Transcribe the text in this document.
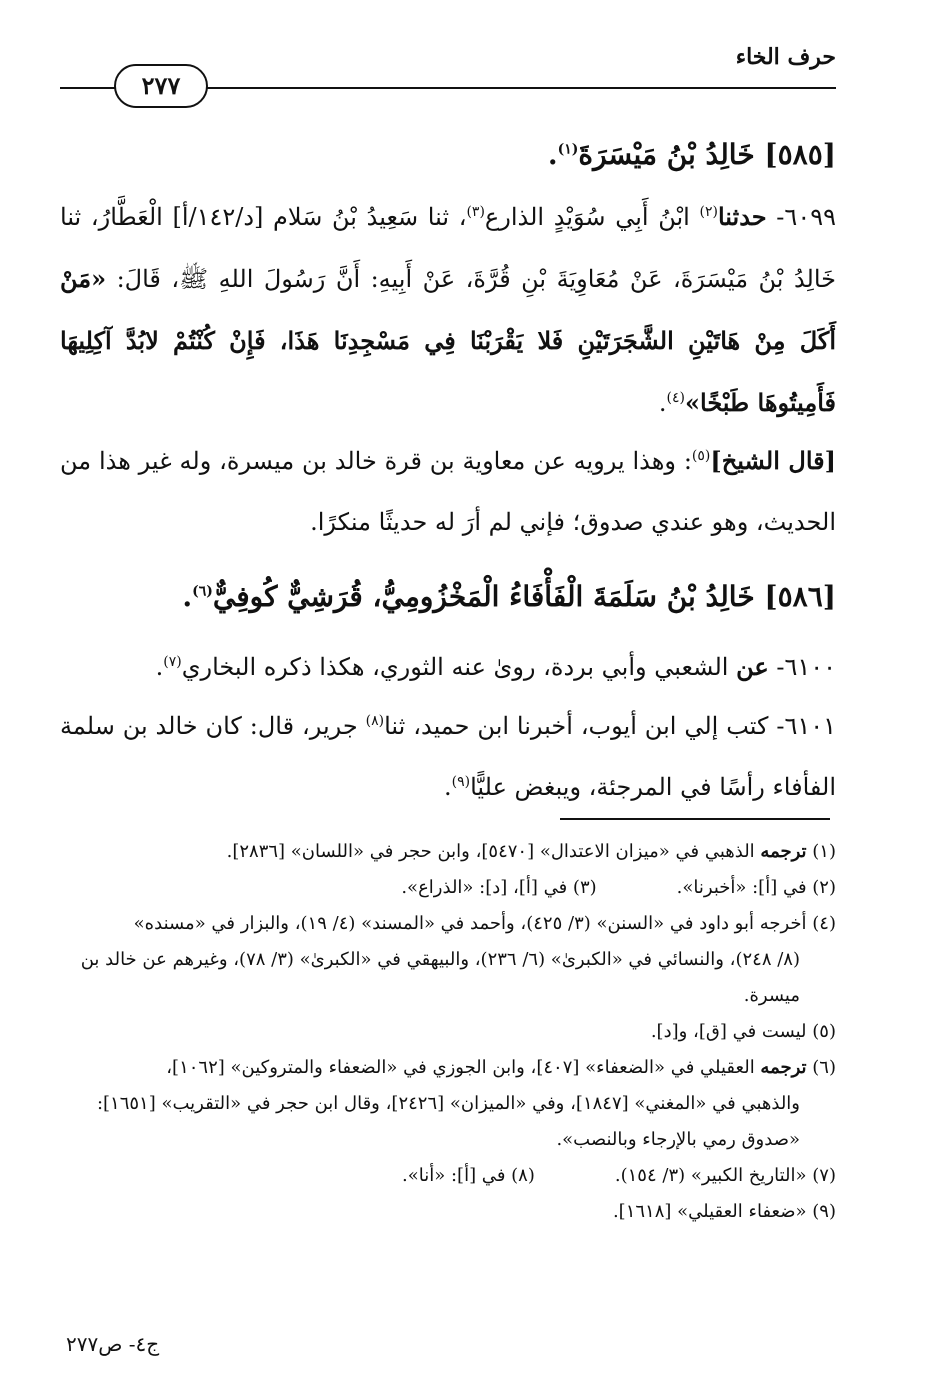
حرف الخاء
٢٧٧
[٥٨٥] خَالِدُ بْنُ مَيْسَرَةَ$^{(١)}$.
٦٠٩٩- حدثنا$^{(٢)}$ ابْنُ أَبِي سُوَيْدٍ الذارع$^{(٣)}$، ثنا سَعِيدُ بْنُ سَلام [د/١٤٢/أ] الْعَطَّارُ، ثنا خَالِدُ بْنُ مَيْسَرَةَ، عَنْ مُعَاوِيَةَ بْنِ قُرَّةَ، عَنْ أَبِيهِ: أَنَّ رَسُولَ اللهِ ﷺ، قَالَ: «مَنْ أَكَلَ مِنْ هَاتَيْنِ الشَّجَرَتَيْنِ فَلا يَقْرَبْنَا فِي مَسْجِدِنَا هَذَا، فَإِنْ كُنْتُمْ لابُدَّ آكِلِيهَا فَأَمِيتُوهَا طَبْخًا»$^{(٤)}$.
[قال الشيخ]$^{(٥)}$: وهذا يرويه عن معاوية بن قرة خالد بن ميسرة، وله غير هذا من الحديث، وهو عندي صدوق؛ فإني لم أرَ له حديثًا منكرًا.
[٥٨٦] خَالِدُ بْنُ سَلَمَةَ الْفَأْفَاءُ الْمَخْزُومِيُّ، قُرَشِيٌّ كُوفِيٌّ$^{(٦)}$.
٦١٠٠- عن الشعبي وأبي بردة، روىٰ عنه الثوري، هكذا ذكره البخاري$^{(٧)}$.
٦١٠١- كتب إلي ابن أيوب، أخبرنا ابن حميد، ثنا$^{(٨)}$ جرير، قال: كان خالد بن سلمة الفأفاء رأسًا في المرجئة، ويبغض عليًّا$^{(٩)}$.

(١) ترجمه الذهبي في «ميزان الاعتدال» [٥٤٧٠]، وابن حجر في «اللسان» [٢٨٣٦].

(٢) في [أ]: «أخبرنا».

(٣) في [أ]، [د]: «الذراع».

(٤) أخرجه أبو داود في «السنن» (٣/ ٤٢٥)، وأحمد في «المسند» (٤/ ١٩)، والبزار في «مسنده»

(٨/ ٢٤٨)، والنسائي في «الكبرىٰ» (٦/ ٢٣٦)، والبيهقي في «الكبرىٰ» (٣/ ٧٨)، وغيرهم عن خالد بن ميسرة.

(٥) ليست في [ق]، و[د].

(٦) ترجمه العقيلي في «الضعفاء» [٤٠٧]، وابن الجوزي في «الضعفاء والمتروكين» [١٠٦٢]،

والذهبي في «المغني» [١٨٤٧]، وفي «الميزان» [٢٤٢٦]، وقال ابن حجر في «التقريب» [١٦٥١]: «صدوق رمي بالإرجاء وبالنصب».

(٧) «التاريخ الكبير» (٣/ ١٥٤).

(٨) في [أ]: «أنا».

(٩) «ضعفاء العقيلي» [١٦١٨].

ج٤- ص٢٧٧
